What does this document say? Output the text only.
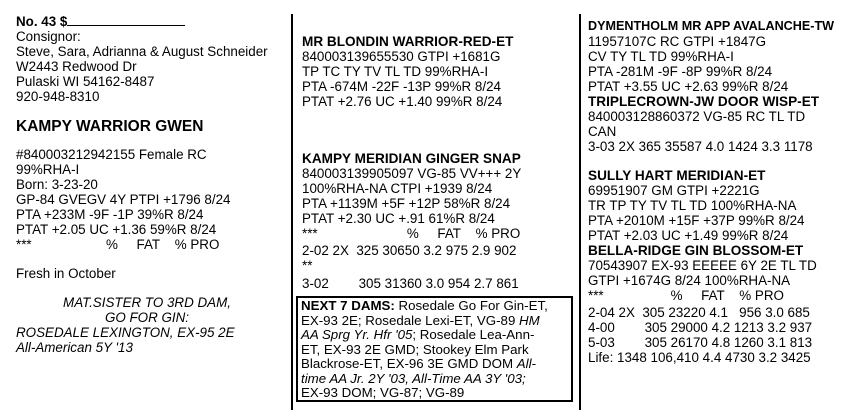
No. 43 $
Consignor:
Steve, Sara, Adrianna & August Schneider
W2443 Redwood Dr
Pulaski WI 54162-8487
920-948-8310
KAMPY WARRIOR GWEN
#840003212942155 Female RC
99%RHA-I
Born: 3-23-20
GP-84 GVEGV 4Y PTPI +1796 8/24
PTA +233M -9F -1P 39%R 8/24
PTAT +2.05 UC +1.36 59%R 8/24
***                    %     FAT    % PRO
Fresh in October
MAT.SISTER TO 3RD DAM,
GO FOR GIN:
ROSEDALE LEXINGTON, EX-95 2E
All-American 5Y '13
MR BLONDIN WARRIOR-RED-ET
840003139655530 GTPI +1681G
TP TC TY TV TL TD 99%RHA-I
PTA -674M -22F -13P 99%R 8/24
PTAT +2.76 UC +1.40 99%R 8/24
KAMPY MERIDIAN GINGER SNAP
840003139905097 VG-85 VV+++ 2Y
100%RHA-NA CTPI +1939 8/24
PTA +1139M +5F +12P 58%R 8/24
PTAT +2.30 UC +.91 61%R 8/24
***                        %     FAT    % PRO
2-02 2X  325 30650 3.2 975 2.9 902
**
3-02        305 31360 3.0 954 2.7 861
NEXT 7 DAMS: Rosedale Go For Gin-ET,
EX-93 2E; Rosedale Lexi-ET, VG-89 HM
AA Sprg Yr. Hfr '05; Rosedale Lea-Ann-
ET, EX-93 2E GMD; Stookey Elm Park
Blackrose-ET, EX-96 3E GMD DOM All-
time AA Jr. 2Y '03, All-Time AA 3Y '03;
EX-93 DOM; VG-87; VG-89
DYMENTHOLM MR APP AVALANCHE-TW
11957107C RC GTPI +1847G
CV TY TL TD 99%RHA-I
PTA -281M -9F -8P 99%R 8/24
PTAT +3.55 UC +2.63 99%R 8/24
TRIPLECROWN-JW DOOR WISP-ET
840003128860372 VG-85 RC TL TD
CAN
3-03 2X 365 35587 4.0 1424 3.3 1178
SULLY HART MERIDIAN-ET
69951907 GM GTPI +2221G
TR TP TY TV TL TD 100%RHA-NA
PTA +2010M +15F +37P 99%R 8/24
PTAT +2.03 UC +1.49 99%R 8/24
BELLA-RIDGE GIN BLOSSOM-ET
70543907 EX-93 EEEEE 6Y 2E TL TD
GTPI +1674G 8/24 100%RHA-NA
***                  %     FAT    % PRO
2-04 2X  305 23220 4.1   956 3.0 685
4-00        305 29000 4.2 1213 3.2 937
5-03        305 26170 4.8 1260 3.1 813
Life: 1348 106,410 4.4 4730 3.2 3425
